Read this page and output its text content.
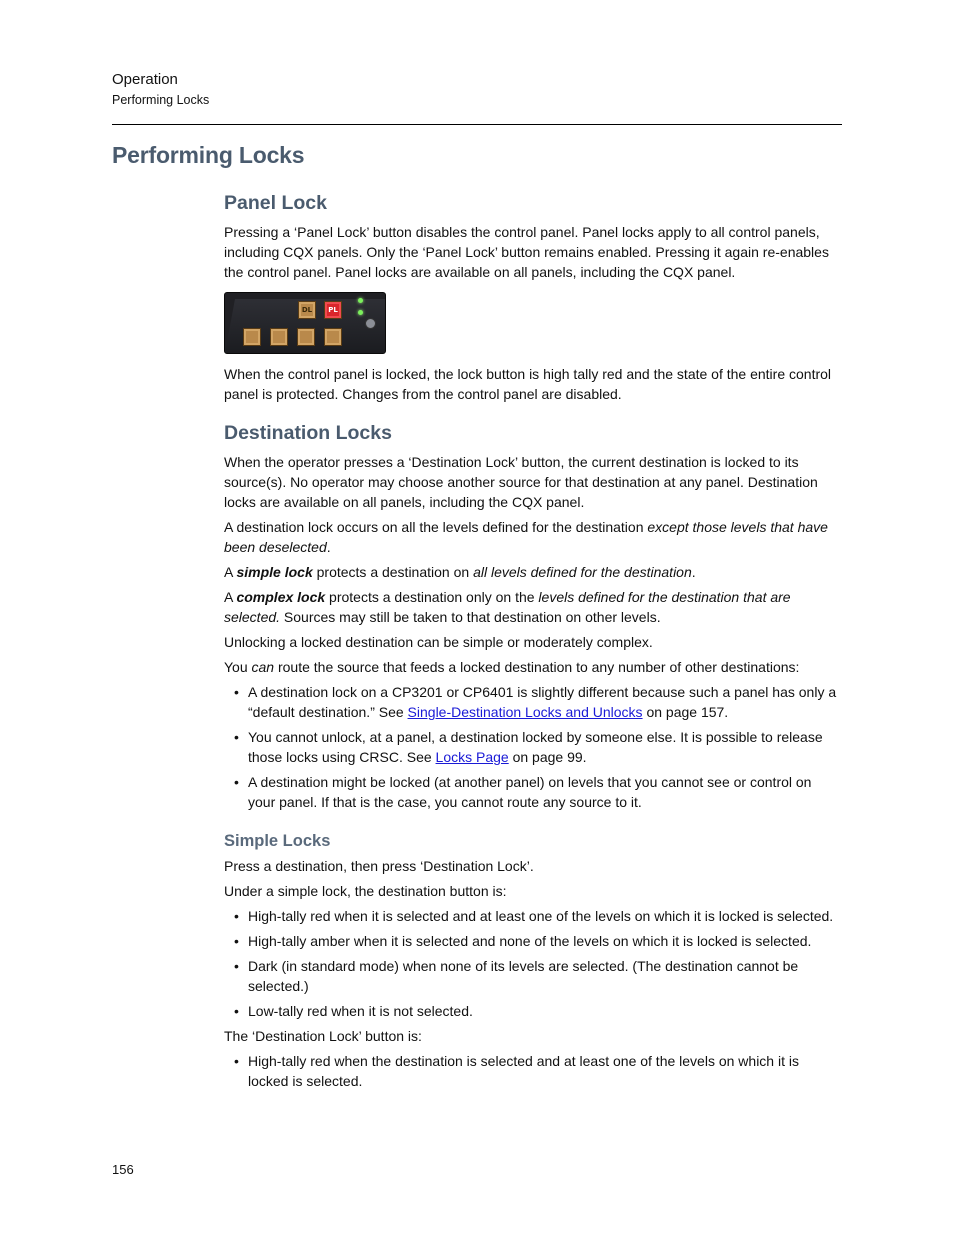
Operation
Performing Locks
Performing Locks
Panel Lock

Pressing a ‘Panel Lock’ button disables the control panel. Panel locks apply to all control panels, including CQX panels. Only the ‘Panel Lock’ button remains enabled. Pressing it again re-enables the control panel. Panel locks are available on all panels, including the CQX panel.

DL	PL

When the control panel is locked, the lock button is high tally red and the state of the entire control panel is protected. Changes from the control panel are disabled.

Destination Locks

When the operator presses a ‘Destination Lock’ button, the current destination is locked to its source(s). No operator may choose another source for that destination at any panel. Destination locks are available on all panels, including the CQX panel.

A destination lock occurs on all the levels defined for the destination except those levels that have been deselected.

A simple lock protects a destination on all levels defined for the destination.

A complex lock protects a destination only on the levels defined for the destination that are selected. Sources may still be taken to that destination on other levels.

Unlocking a locked destination can be simple or moderately complex.

You can route the source that feeds a locked destination to any number of other destinations:

• A destination lock on a CP3201 or CP6401 is slightly different because such a panel has only a “default destination.” See Single-Destination Locks and Unlocks on page 157.
• You cannot unlock, at a panel, a destination locked by someone else. It is possible to release those locks using CRSC. See Locks Page on page 99.
• A destination might be locked (at another panel) on levels that you cannot see or control on your panel. If that is the case, you cannot route any source to it.
Simple Locks

Press a destination, then press ‘Destination Lock’.

Under a simple lock, the destination button is:

• High-tally red when it is selected and at least one of the levels on which it is locked is selected.
• High-tally amber when it is selected and none of the levels on which it is locked is selected.
• Dark (in standard mode) when none of its levels are selected. (The destination cannot be selected.)
• Low-tally red when it is not selected.

The ‘Destination Lock’ button is:

• High-tally red when the destination is selected and at least one of the levels on which it is locked is selected.
156
